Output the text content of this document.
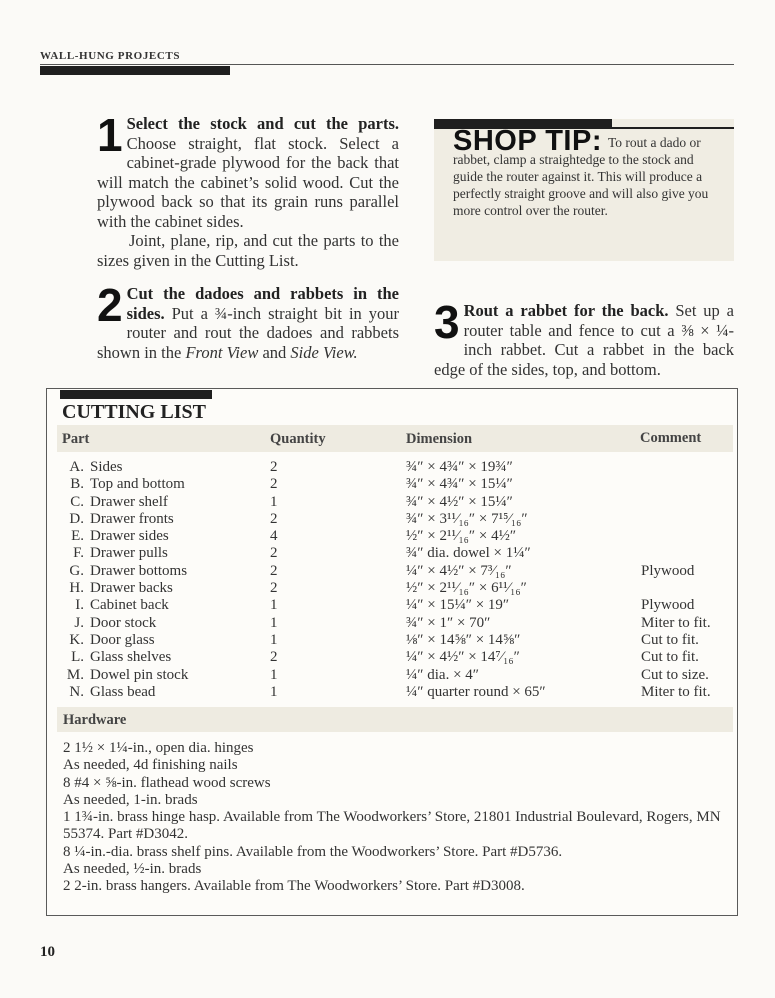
WALL-HUNG PROJECTS

1 Select the stock and cut the parts. Choose straight, flat stock. Select a cabinet-grade plywood for the back that will match the cabinet’s solid wood. Cut the plywood back so that its grain runs parallel with the cabinet sides.

Joint, plane, rip, and cut the parts to the sizes given in the Cutting List.

2 Cut the dadoes and rabbets in the sides. Put a ¾-inch straight bit in your router and rout the dadoes and rabbets shown in the Front View and Side View.

SHOP TIP: To rout a dado or rabbet, clamp a straightedge to the stock and guide the router against it. This will produce a perfectly straight groove and will also give you more control over the router.

3 Rout a rabbet for the back. Set up a router table and fence to cut a ⅜ × ¼-inch rabbet. Cut a rabbet in the back edge of the sides, top, and bottom.

CUTTING LIST
Part	Quantity	Dimension	Comment
A. Sides	2	¾″ × 4¾″ × 19¾″
B. Top and bottom	2	¾″ × 4¾″ × 15¼″
C. Drawer shelf	1	¾″ × 4½″ × 15¼″
D. Drawer fronts	2	¾″ × 3¹¹⁄₁₆″ × 7¹⁵⁄₁₆″
E. Drawer sides	4	½″ × 2¹¹⁄₁₆″ × 4½″
F. Drawer pulls	2	¾″ dia. dowel × 1¼″
G. Drawer bottoms	2	¼″ × 4½″ × 7³⁄₁₆″	Plywood
H. Drawer backs	2	½″ × 2¹¹⁄₁₆″ × 6¹¹⁄₁₆″
I. Cabinet back	1	¼″ × 15¼″ × 19″	Plywood
J. Door stock	1	¾″ × 1″ × 70″	Miter to fit.
K. Door glass	1	⅛″ × 14⅝″ × 14⅝″	Cut to fit.
L. Glass shelves	2	¼″ × 4½″ × 14⁷⁄₁₆″	Cut to fit.
M. Dowel pin stock	1	¼″ dia. × 4″	Cut to size.
N. Glass bead	1	¼″ quarter round × 65″	Miter to fit.
Hardware
2 1½ × 1¼-in., open dia. hinges
As needed, 4d finishing nails
8 #4 × ⅝-in. flathead wood screws
As needed, 1-in. brads
1 1¾-in. brass hinge hasp. Available from The Woodworkers’ Store, 21801 Industrial Boulevard, Rogers, MN 55374. Part #D3042.
8 ¼-in.-dia. brass shelf pins. Available from the Woodworkers’ Store. Part #D5736.
As needed, ½-in. brads
2 2-in. brass hangers. Available from The Woodworkers’ Store. Part #D3008.
10
